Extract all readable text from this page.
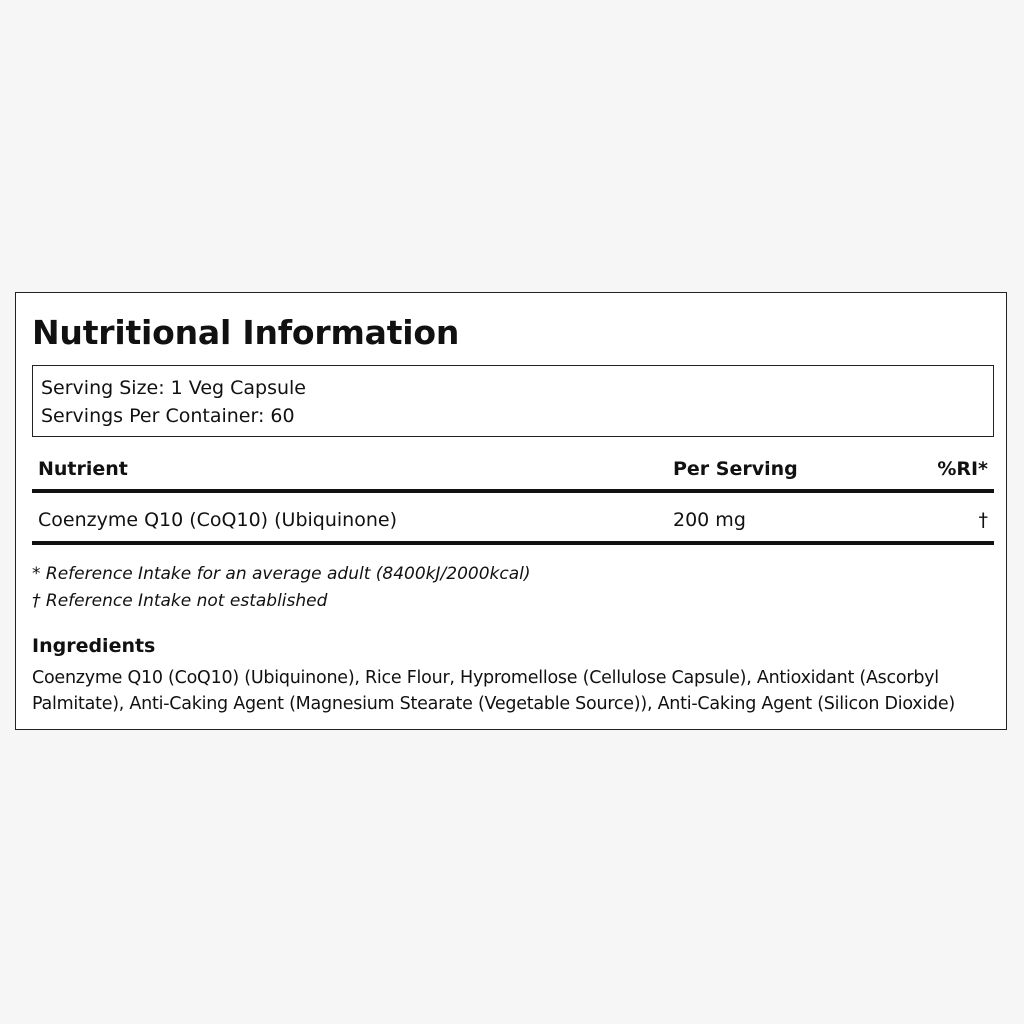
Nutritional Information
Serving Size: 1 Veg Capsule
Servings Per Container: 60
Nutrient	Per Serving	%RI*
Coenzyme Q10 (CoQ10) (Ubiquinone)	200 mg	†
* Reference Intake for an average adult (8400kJ/2000kcal)
† Reference Intake not established
Ingredients

Coenzyme Q10 (CoQ10) (Ubiquinone), Rice Flour, Hypromellose (Cellulose Capsule), Antioxidant (Ascorbyl Palmitate), Anti-Caking Agent (Magnesium Stearate (Vegetable Source)), Anti-Caking Agent (Silicon Dioxide)
